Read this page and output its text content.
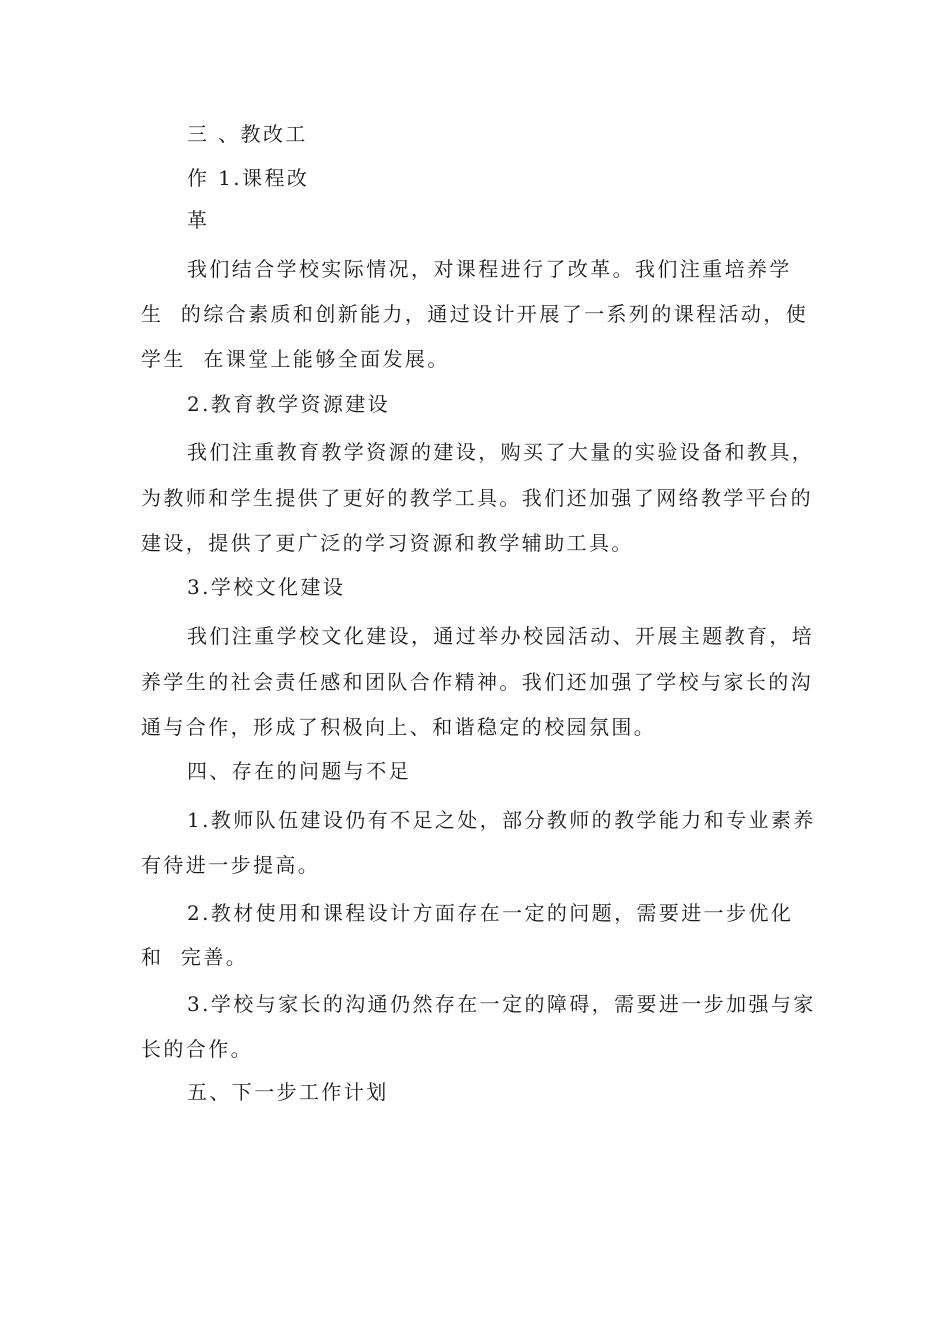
三 、教改工
作 1.课程改
革
我们结合学校实际情况，对课程进行了改革。我们注重培养学
生  的综合素质和创新能力，通过设计开展了一系列的课程活动，使
学生  在课堂上能够全面发展。
2.教育教学资源建设
我们注重教育教学资源的建设，购买了大量的实验设备和教具，
为教师和学生提供了更好的教学工具。我们还加强了网络教学平台的
建设，提供了更广泛的学习资源和教学辅助工具。
3.学校文化建设
我们注重学校文化建设，通过举办校园活动、开展主题教育，培
养学生的社会责任感和团队合作精神。我们还加强了学校与家长的沟
通与合作，形成了积极向上、和谐稳定的校园氛围。
四、存在的问题与不足
1.教师队伍建设仍有不足之处，部分教师的教学能力和专业素养
有待进一步提高。
2.教材使用和课程设计方面存在一定的问题，需要进一步优化
和  完善。
3.学校与家长的沟通仍然存在一定的障碍，需要进一步加强与家
长的合作。
五、下一步工作计划
